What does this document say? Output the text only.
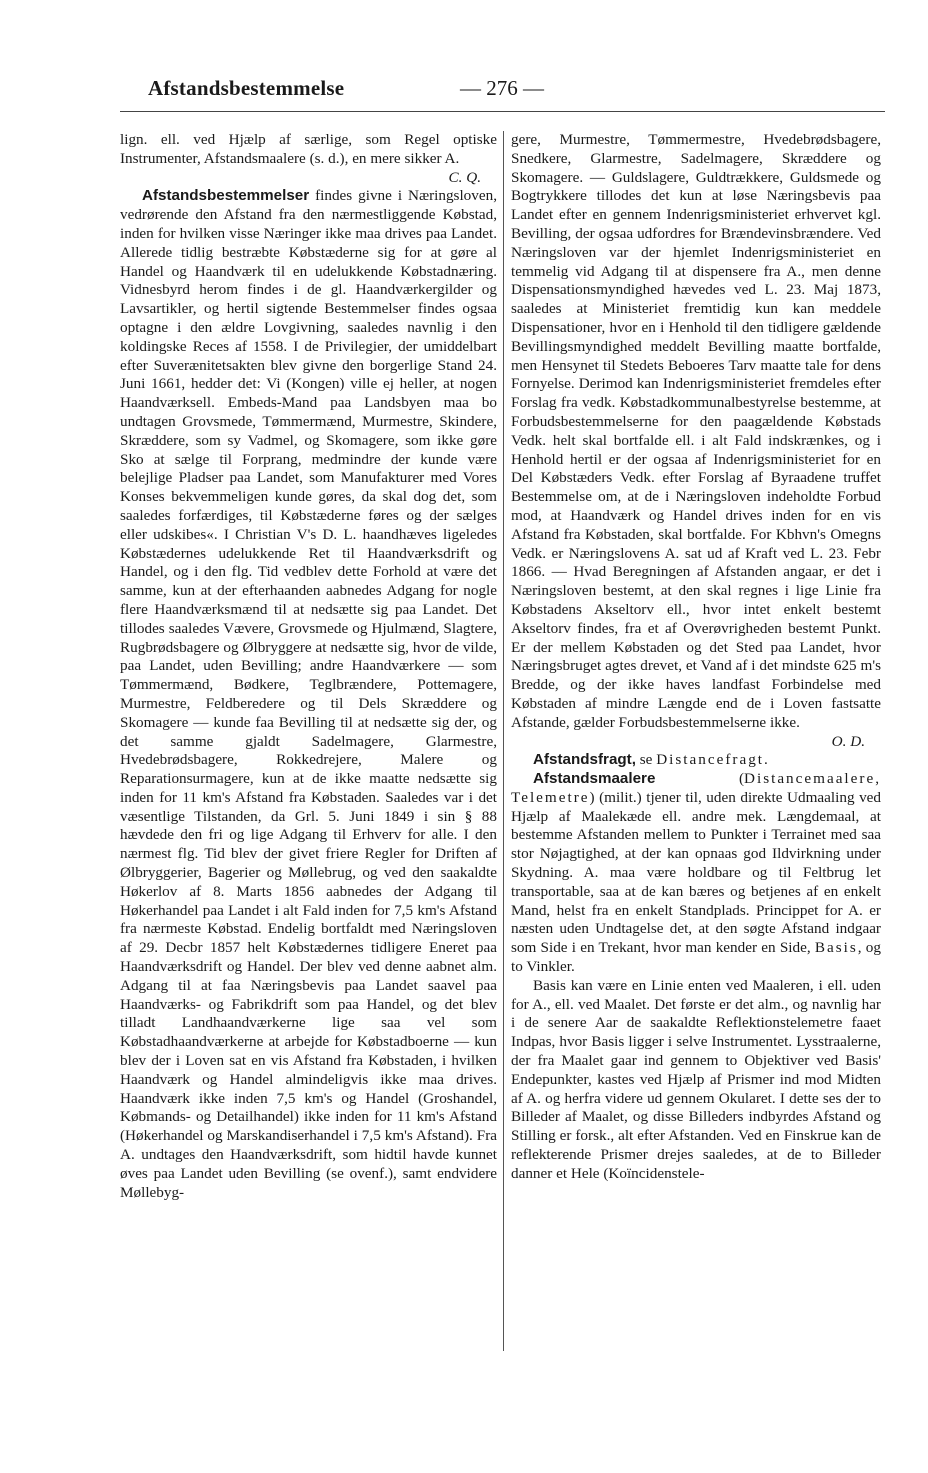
Afstandsbestemmelse	— 276 —

lign. ell. ved Hjælp af særlige, som Regel optiske Instrumenter, Afstandsmaalere (s. d.), en mere sikker A.
C. Q.

Afstandsbestemmelser findes givne i Næringsloven, vedrørende den Afstand fra den nærmestliggende Købstad, inden for hvilken visse Næringer ikke maa drives paa Landet. Allerede tidlig bestræbte Købstæderne sig for at gøre al Handel og Haandværk til en udelukkende Købstadnæring. Vidnesbyrd herom findes i de gl. Haandværkergilder og Lavsartikler, og hertil sigtende Bestemmelser findes ogsaa optagne i den ældre Lovgivning, saaledes navnlig i den koldingske Reces af 1558. I de Privilegier, der umiddelbart efter Suverænitetsakten blev givne den borgerlige Stand 24. Juni 1661, hedder det: Vi (Kongen) ville ej heller, at nogen Haandværksell. Embeds-Mand paa Landsbyen maa bo undtagen Grovsmede, Tømmermænd, Murmestre, Skindere, Skræddere, som sy Vadmel, og Skomagere, som ikke gøre Sko at sælge til Forprang, medmindre der kunde være belejlige Pladser paa Landet, som Manufakturer med Vores Konses bekvemmeligen kunde gøres, da skal dog det, som saaledes forfærdiges, til Købstæderne føres og der sælges eller udskibes«. I Christian V's D. L. haandhæves ligeledes Købstædernes udelukkende Ret til Haandværksdrift og Handel, og i den flg. Tid vedblev dette Forhold at være det samme, kun at der efterhaanden aabnedes Adgang for nogle flere Haandværksmænd til at nedsætte sig paa Landet. Det tillodes saaledes Vævere, Grovsmede og Hjulmænd, Slagtere, Rugbrødsbagere og Ølbryggere at nedsætte sig, hvor de vilde, paa Landet, uden Bevilling; andre Haandværkere — som Tømmermænd, Bødkere, Teglbrændere, Pottemagere, Murmestre, Feldberedere og til Dels Skræddere og Skomagere — kunde faa Bevilling til at nedsætte sig der, og det samme gjaldt Sadelmagere, Glarmestre, Hvedebrødsbagere, Rokkedrejere, Malere og Reparationsurmagere, kun at de ikke maatte nedsætte sig inden for 11 km's Afstand fra Købstaden. Saaledes var i det væsentlige Tilstanden, da Grl. 5. Juni 1849 i sin § 88 hævdede den fri og lige Adgang til Erhverv for alle. I den nærmest flg. Tid blev der givet friere Regler for Driften af Ølbryggerier, Bagerier og Møllebrug, og ved den saakaldte Høkerlov af 8. Marts 1856 aabnedes der Adgang til Høkerhandel paa Landet i alt Fald inden for 7,5 km's Afstand fra nærmeste Købstad. Endelig bortfaldt med Næringsloven af 29. Decbr 1857 helt Købstædernes tidligere Eneret paa Haandværksdrift og Handel. Der blev ved denne aabnet alm. Adgang til at faa Næringsbevis paa Landet saavel paa Haandværks- og Fabrikdrift som paa Handel, og det blev tilladt Landhaandværkerne lige saa vel som Købstadhaandværkerne at arbejde for Købstadboerne — kun blev der i Loven sat en vis Afstand fra Købstaden, i hvilken Haandværk og Handel almindeligvis ikke maa drives. Haandværk ikke inden 7,5 km's og Handel (Groshandel, Købmands- og Detailhandel) ikke inden for 11 km's Afstand (Høkerhandel og Marskandiserhandel i 7,5 km's Afstand). Fra A. undtages den Haandværksdrift, som hidtil havde kunnet øves paa Landet uden Bevilling (se ovenf.), samt endvidere Møllebyg-

gere, Murmestre, Tømmermestre, Hvedebrødsbagere, Snedkere, Glarmestre, Sadelmagere, Skræddere og Skomagere. — Guldslagere, Guldtrækkere, Guldsmede og Bogtrykkere tillodes det kun at løse Næringsbevis paa Landet efter en gennem Indenrigsministeriet erhvervet kgl. Bevilling, der ogsaa udfordres for Brændevinsbrændere. Ved Næringsloven var der hjemlet Indenrigsministeriet en temmelig vid Adgang til at dispensere fra A., men denne Dispensationsmyndighed hævedes ved L. 23. Maj 1873, saaledes at Ministeriet fremtidig kun kan meddele Dispensationer, hvor en i Henhold til den tidligere gældende Bevillingsmyndighed meddelt Bevilling maatte bortfalde, men Hensynet til Stedets Beboeres Tarv maatte tale for dens Fornyelse. Derimod kan Indenrigsministeriet fremdeles efter Forslag fra vedk. Købstadkommunalbestyrelse bestemme, at Forbudsbestemmelserne for den paagældende Købstads Vedk. helt skal bortfalde ell. i alt Fald indskrænkes, og i Henhold hertil er der ogsaa af Indenrigsministeriet for en Del Købstæders Vedk. efter Forslag af Byraadene truffet Bestemmelse om, at de i Næringsloven indeholdte Forbud mod, at Haandværk og Handel drives inden for en vis Afstand fra Købstaden, skal bortfalde. For Kbhvn's Omegns Vedk. er Næringslovens A. sat ud af Kraft ved L. 23. Febr 1866. — Hvad Beregningen af Afstanden angaar, er det i Næringsloven bestemt, at den skal regnes i lige Linie fra Købstadens Akseltorv ell., hvor intet enkelt bestemt Akseltorv findes, fra et af Overøvrigheden bestemt Punkt. Er der mellem Købstaden og det Sted paa Landet, hvor Næringsbruget agtes drevet, et Vand af i det mindste 625 m's Bredde, og der ikke haves landfast Forbindelse med Købstaden af mindre Længde end de i Loven fastsatte Afstande, gælder Forbudsbestemmelserne ikke.
O. D.

Afstandsfragt, se Distancefragt.

Afstandsmaalere (Distancemaalere, Telemetre) (milit.) tjener til, uden direkte Udmaaling ved Hjælp af Maalekæde ell. andre mek. Længdemaal, at bestemme Afstanden mellem to Punkter i Terrainet med saa stor Nøjagtighed, at der kan opnaas god Ildvirkning under Skydning. A. maa være holdbare og til Feltbrug let transportable, saa at de kan bæres og betjenes af en enkelt Mand, helst fra en enkelt Standplads. Princippet for A. er næsten uden Undtagelse det, at den søgte Afstand indgaar som Side i en Trekant, hvor man kender en Side, Basis, og to Vinkler.

Basis kan være en Linie enten ved Maaleren, i ell. uden for A., ell. ved Maalet. Det første er det alm., og navnlig har i de senere Aar de saakaldte Reflektionstelemetre faaet Indpas, hvor Basis ligger i selve Instrumentet. Lysstraalerne, der fra Maalet gaar ind gennem to Objektiver ved Basis' Endepunkter, kastes ved Hjælp af Prismer ind mod Midten af A. og herfra videre ud gennem Okularet. I dette ses der to Billeder af Maalet, og disse Billeders indbyrdes Afstand og Stilling er forsk., alt efter Afstanden. Ved en Finskrue kan de reflekterende Prismer drejes saaledes, at de to Billeder danner et Hele (Koïncidenstele-
